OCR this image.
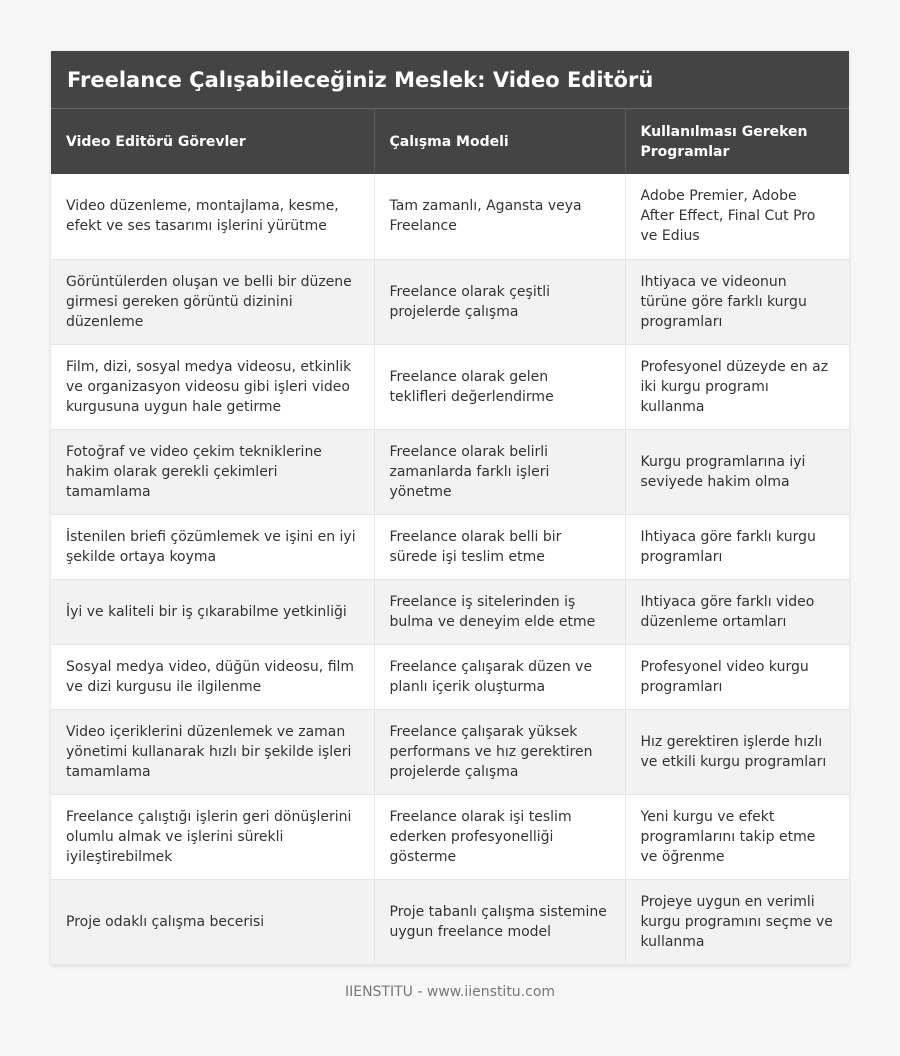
Freelance Çalışabileceğiniz Meslek: Video Editörü
Video Editörü Görevler	Çalışma Modeli	Kullanılması Gereken Programlar
Video düzenleme, montajlama, kesme, efekt ve ses tasarımı işlerini yürütme	Tam zamanlı, Agansta veya Freelance	Adobe Premier, Adobe After Effect, Final Cut Pro ve Edius
Görüntülerden oluşan ve belli bir düzene girmesi gereken görüntü dizinini düzenleme	Freelance olarak çeşitli projelerde çalışma	Ihtiyaca ve videonun türüne göre farklı kurgu programları
Film, dizi, sosyal medya videosu, etkinlik ve organizasyon videosu gibi işleri video kurgusuna uygun hale getirme	Freelance olarak gelen teklifleri değerlendirme	Profesyonel düzeyde en az iki kurgu programı kullanma
Fotoğraf ve video çekim tekniklerine hakim olarak gerekli çekimleri tamamlama	Freelance olarak belirli zamanlarda farklı işleri yönetme	Kurgu programlarına iyi seviyede hakim olma
İstenilen briefi çözümlemek ve işini en iyi şekilde ortaya koyma	Freelance olarak belli bir sürede işi teslim etme	Ihtiyaca göre farklı kurgu programları
İyi ve kaliteli bir iş çıkarabilme yetkinliği	Freelance iş sitelerinden iş bulma ve deneyim elde etme	Ihtiyaca göre farklı video düzenleme ortamları
Sosyal medya video, düğün videosu, film ve dizi kurgusu ile ilgilenme	Freelance çalışarak düzen ve planlı içerik oluşturma	Profesyonel video kurgu programları
Video içeriklerini düzenlemek ve zaman yönetimi kullanarak hızlı bir şekilde işleri tamamlama	Freelance çalışarak yüksek performans ve hız gerektiren projelerde çalışma	Hız gerektiren işlerde hızlı ve etkili kurgu programları
Freelance çalıştığı işlerin geri dönüşlerini olumlu almak ve işlerini sürekli iyileştirebilmek	Freelance olarak işi teslim ederken profesyonelliği gösterme	Yeni kurgu ve efekt programlarını takip etme ve öğrenme
Proje odaklı çalışma becerisi	Proje tabanlı çalışma sistemine uygun freelance model	Projeye uygun en verimli kurgu programını seçme ve kullanma
IIENSTITU - www.iienstitu.com
